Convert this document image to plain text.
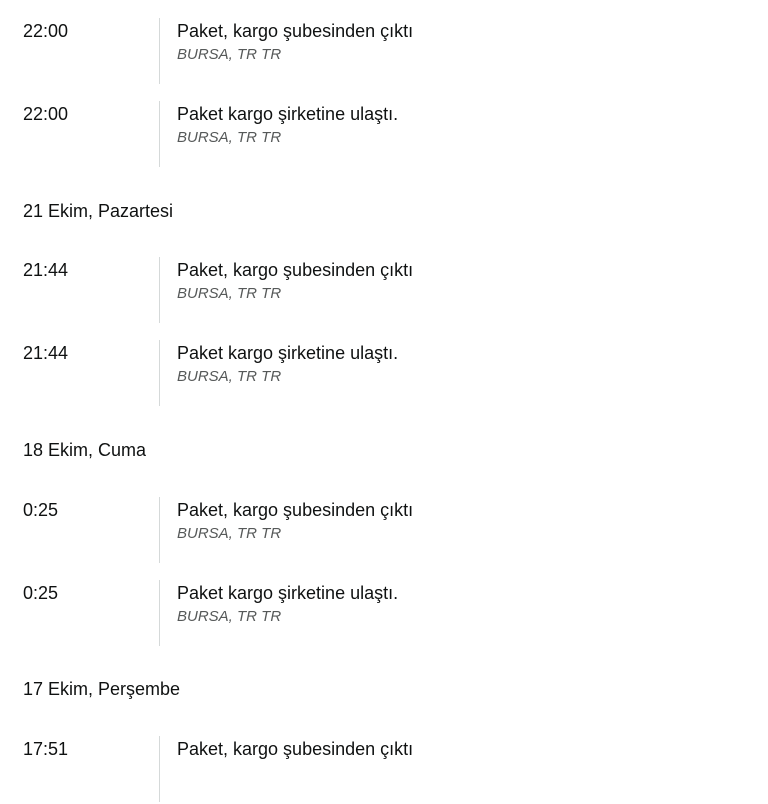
22:00	Paket, kargo şubesinden çıktı
BURSA, TR TR
22:00	Paket kargo şirketine ulaştı.
BURSA, TR TR
21 Ekim, Pazartesi
21:44	Paket, kargo şubesinden çıktı
BURSA, TR TR
21:44	Paket kargo şirketine ulaştı.
BURSA, TR TR
18 Ekim, Cuma
0:25	Paket, kargo şubesinden çıktı
BURSA, TR TR
0:25	Paket kargo şirketine ulaştı.
BURSA, TR TR
17 Ekim, Perşembe
17:51	Paket, kargo şubesinden çıktı
